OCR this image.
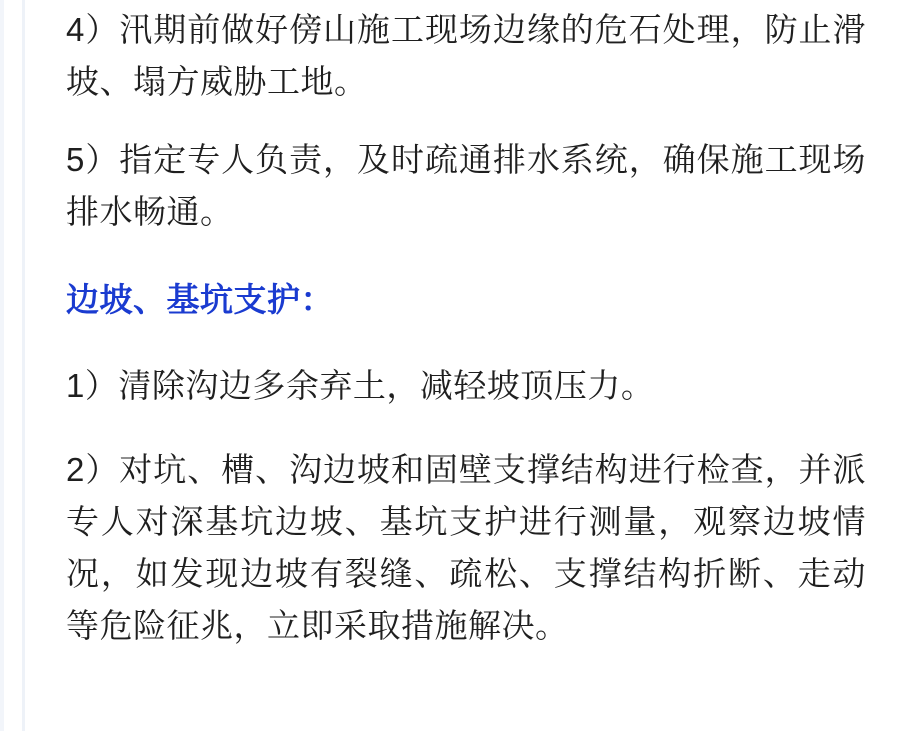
4）汛期前做好傍山施工现场边缘的危石处理，防止滑坡、塌方威胁工地。

5）指定专人负责，及时疏通排水系统，确保施工现场排水畅通。

边坡、基坑支护：

1）清除沟边多余弃土，减轻坡顶压力。

2）对坑、槽、沟边坡和固壁支撑结构进行检查，并派专人对深基坑边坡、基坑支护进行测量，观察边坡情况，如发现边坡有裂缝、疏松、支撑结构折断、走动等危险征兆，立即采取措施解决。
